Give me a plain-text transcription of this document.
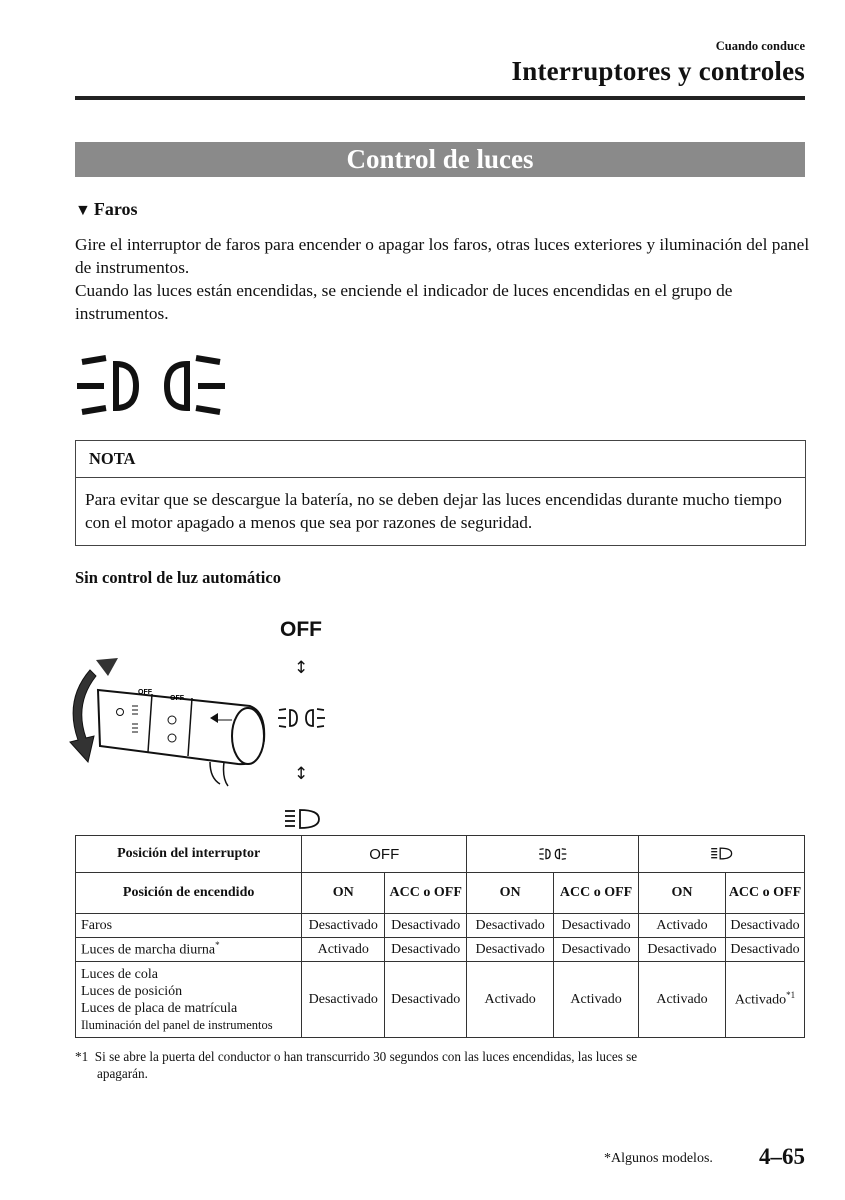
Cuando conduce
Interruptores y controles
Control de luces
▼ Faros
Gire el interruptor de faros para encender o apagar los faros, otras luces exteriores y iluminación del panel de instrumentos.
Cuando las luces están encendidas, se enciende el indicador de luces encendidas en el grupo de instrumentos.
NOTA
Para evitar que se descargue la batería, no se deben dejar las luces encendidas durante mucho tiempo con el motor apagado a menos que sea por razones de seguridad.
Sin control de luz automático
OFF
OFF
OFF
↕
↕
Posición del interruptor	OFF		
Posición de encendido	ON	ACC o OFF	ON	ACC o OFF	ON	ACC o OFF
Faros	Desactivado	Desactivado	Desactivado	Desactivado	Activado	Desactivado
Luces de marcha diurna*	Activado	Desactivado	Desactivado	Desactivado	Desactivado	Desactivado

Luces de cola
Luces de posición
Luces de placa de matrícula
Iluminación del panel de instrumentos	Desactivado	Desactivado	Activado	Activado	Activado	Activado$^{*1}$
*1 Si se abre la puerta del conductor o han transcurrido 30 segundos con las luces encendidas, las luces se
apagarán.
*Algunos modelos. 4–65
